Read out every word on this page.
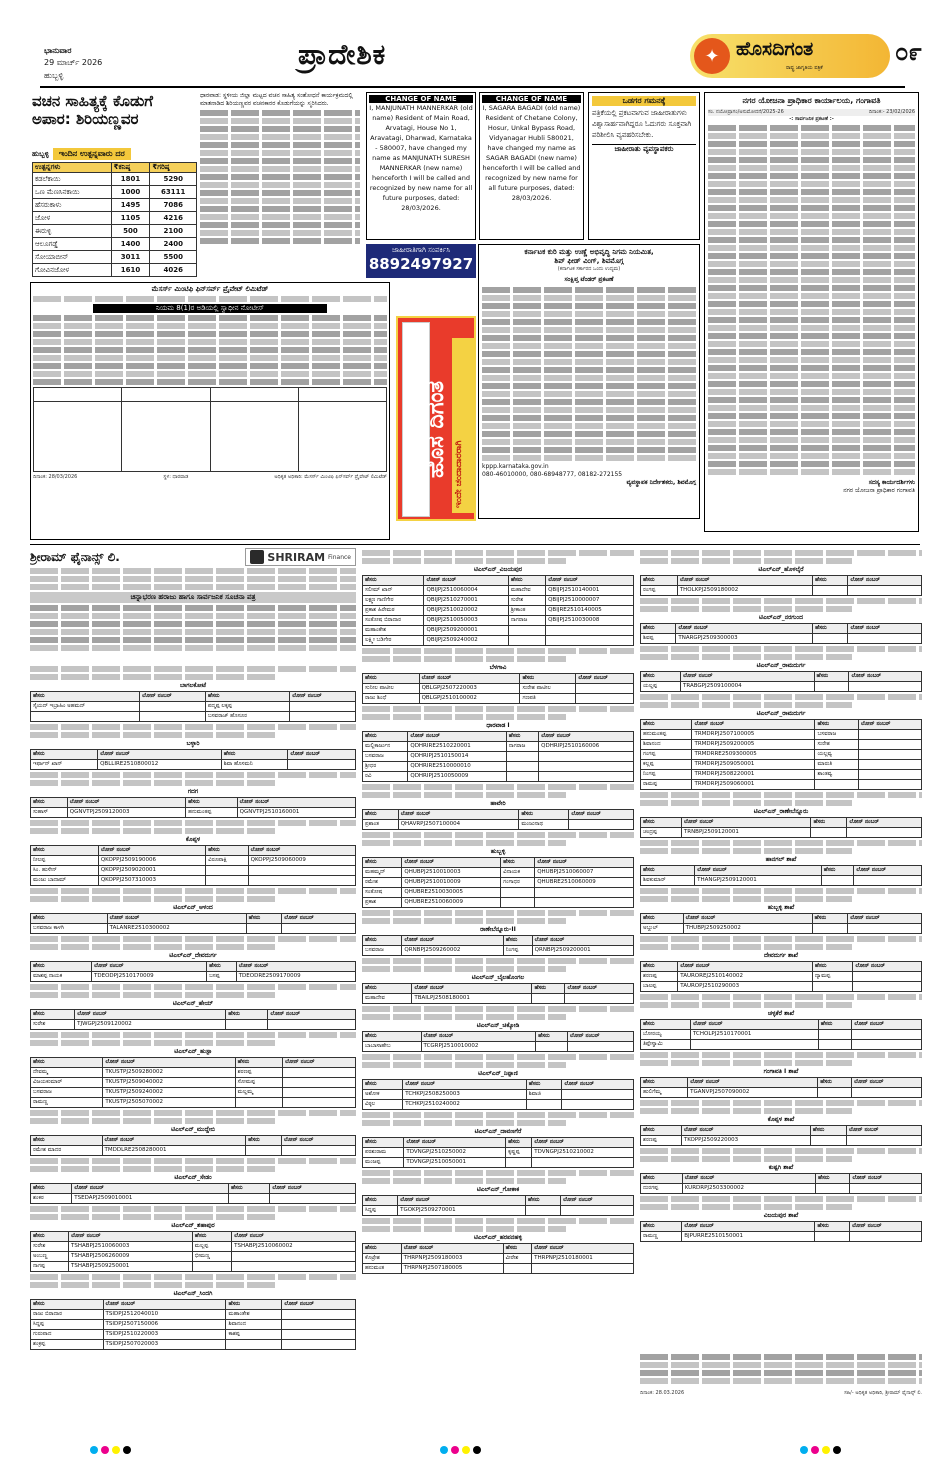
ಭಾನುವಾರ
29 ಮಾರ್ಚ್ 2026
ಹುಬ್ಬಳ್ಳಿ
ಪ್ರಾದೇಶಿಕ	✦ ಹೊಸದಿಗಂತ
ರಾಷ್ಟ್ರ ಜಾಗೃತಿಯ ಪತ್ರಿಕೆ
೦೯
ವಚನ ಸಾಹಿತ್ಯಕ್ಕೆ ಕೊಡುಗೆ
ಅಪಾರ: ಶಿರಿಯಣ್ಣವರ
ಧಾರವಾಡ: ಸ್ಥಳೀಯ ಜಿಲ್ಲಾ ಮಟ್ಟದ ವಚನ ಸಾಹಿತ್ಯ ಸಂಶೋಧನೆ ಕಾರ್ಯಕ್ರಮದಲ್ಲಿ ಮಾತನಾಡಿದ ಶಿರಿಯಣ್ಣವರ ವಚನಕಾರರ ಕೊಡುಗೆಯನ್ನು ಸ್ಮರಿಸಿದರು.
ಹುಬ್ಬಳ್ಳಿ	ಇಂದಿನ ಉತ್ಪನ್ನವಾರು ದರ
ಉತ್ಪನ್ನಗಳು	₹ಕನಿಷ್ಠ	₹ಗರಿಷ್ಠ
ಕಡಲೆಕಾಯಿ	1801	5290
ಒಣ ಮೆಣಸಿನಕಾಯಿ	1000	63111
ಹೆಸರುಕಾಳು	1495	7086
ಜೋಳ	1105	4216
ಈರುಳ್ಳಿ	500	2100
ಆಲೂಗಡ್ಡೆ	1400	2400
ಸೋಯಾಬೀನ್	3011	5500
ಗೋವಿನಜೋಳ	1610	4026
CHANGE OF NAME
I, MANJUNATH MANNERKAR (old name) Resident of Main Road, Arvatagi, House No 1, Aravatagi, Dharwad, Karnataka - 580007, have changed my name as MANJUNATH SURESH MANNERKAR (new name) henceforth I will be called and recognized by new name for all future purposes, dated: 28/03/2026.
CHANGE OF NAME
I, SAGARA BAGADI (old name) Resident of Chetane Colony, Hosur, Unkal Bypass Road, Vidyanagar Hubli 580021, have changed my name as SAGAR BAGADI (new name) henceforth I will be called and recognized by new name for all future purposes, dated: 28/03/2026.
ಜಾಹೀರಾತಿಗಾಗಿ ಸಂಪರ್ಕಿಸಿ
8892497927
ಒಡಗರ ಗಮನಕ್ಕೆ
ಪತ್ರಿಕೆಯಲ್ಲಿ ಪ್ರಕಟವಾಗುವ ಜಾಹೀರಾತುಗಳು ವಿಶ್ವಾಸಾರ್ಹವಾಗಿದ್ದರೂ ಓದುಗರು ಸೂಕ್ತವಾಗಿ ಪರಿಶೀಲಿಸಿ ವ್ಯವಹರಿಸಬೇಕು.
ಜಾಹೀರಾತು ವ್ಯವಸ್ಥಾಪಕರು
ನಗರ ಯೋಜನಾ ಪ್ರಾಧಿಕಾರ ಕಾರ್ಯಾಲಯ, ಗಂಗಾವತಿ
ಸಂ. ನಯೋಪ್ರಾಗಂ/ಅನುಮೋದನೆ/2025-26	ದಿನಾಂಕ:- 23/02/2026
-: ಸಾರ್ವಜನಿಕ ಪ್ರಕಟಣೆ :-
ಸದಸ್ಯ ಕಾರ್ಯದರ್ಶಿಗಳು
ನಗರ ಯೋಜನಾ ಪ್ರಾಧಿಕಾರ ಗಂಗಾವತಿ
ಮೆಸರ್ಸ್ ಮಿಂಟಿಫಿ ಫಿನ್‌ಸರ್ವ್ ಪ್ರೈವೇಟ್ ಲಿಮಿಟೆಡ್
ನಿಯಮ 8(1)ರ ಅಡಿಯಲ್ಲಿ ಸ್ವಾಧೀನ ನೋಟೀಸ್

ದಿನಾಂಕ: 28/03/2026	ಸ್ಥಳ: ಧಾರವಾಡ	ಅಧಿಕೃತ ಅಧಿಕಾರಿ: ಮೆಸರ್ಸ್ ಮಿಂಟಿಫಿ ಫಿನ್‌ಸರ್ವ್ ಪ್ರೈವೇಟ್ ಲಿಮಿಟೆಡ್ ಹೊಸ ದಿಗಂತ ಇಂದೇ ಚಂದಾದಾರರಾಗಿ
ಕರ್ನಾಟಕ ಕುರಿ ಮತ್ತು ಉಣ್ಣೆ ಅಭಿವೃದ್ಧಿ ನಿಗಮ ನಿಯಮಿತ,
ಶಿಪ್ ಫೀಡ್ ವಿಂಗ್, ಶಿವಮೊಗ್ಗ
(ಕರ್ನಾಟಕ ಸರ್ಕಾರದ ಒಂದು ಉದ್ಯಮ)
ಸಂಕ್ಷಿಪ್ತ ಟೆಂಡರ್ ಪ್ರಕಟಣೆ
kppp.karnataka.gov.in
080-46010000, 080-68948777, 08182-272155
ವ್ಯವಸ್ಥಾಪಕ ನಿರ್ದೇಶಕರು, ಶಿವಮೊಗ್ಗ
ಶ್ರೀರಾಮ್ ಫೈನಾನ್ಸ್ ಲಿ.	SHRIRAM Finance
ಚಿನ್ನಾಭರಣ ಹರಾಜು ಹಾಗೂ ಸಾರ್ವಜನಿಕ ಸೂಚನಾ ಪತ್ರ
ಬಾಗಲಕೋಟೆ
ಹೆಸರು	ಲೋನ್ ನಂಬರ್	ಹೆಸರು	ಲೋನ್ ನಂಬರ್
ಸೈಯದ್ ಇಬ್ರಾಹಿಂ ಅಹಮದ್		ಪದ್ಮಪ್ಪ ಲಕ್ಕಪ್ಪ	
		ಬಸವರಾಜ್ ಹೊಸೂರ	
ಬಳ್ಳಾರಿ
ಹೆಸರು	ಲೋನ್ ನಂಬರ್	ಹೆಸರು	ಲೋನ್ ನಂಬರ್
ಇರ್ಫಾನ್ ಖಾನ್	QBLLIRE2510800012	ಶಿವಾ ಹೊಸಮನಿ	
ಗದಗ
ಹೆಸರು	ಲೋನ್ ನಂಬರ್	ಹೆಸರು	ಲೋನ್ ನಂಬರ್
ಸುಹಾಸ್	QGNVTPJ2509120003	ಹನುಮಂತಪ್ಪ	QGNVTPJ2510160001
ಕೊಪ್ಪಳ
ಹೆಸರು	ಲೋನ್ ನಂಬರ್	ಹೆಸರು	ಲೋನ್ ನಂಬರ್
ನೀಲಪ್ಪ	QKOPPJ2509190006	ವಿರೂಪಾಕ್ಷಿ	QKOPPJ2509060009
ಸಿಂ. ಹುಸೇನ್	QKOPPJ2509020001		
ಮಂಜು ಬಾದಾಮ್	QKOPPJ2507310003		
ಟಿಎಲ್ಎನ್_ಆಳಂದ
ಹೆಸರು	ಲೋನ್ ನಂಬರ್	ಹೆಸರು	ಲೋನ್ ನಂಬರ್
ಬಸವರಾಜ ಕಾಳಗಿ	TALANRE2510300002		
ಟಿಎಲ್ಎನ್_ದೇವದುರ್ಗ
ಹೆಸರು	ಲೋನ್ ನಂಬರ್	ಹೆಸರು	ಲೋನ್ ನಂಬರ್
ಮಾಶಪ್ಪ ನಾಯಕ	TDEODPJ2510170009	ಬಸಪ್ಪ	TDEODRE2509170009
ಟಿಎಲ್ಎನ್_ಹೇಯ್
ಹೆಸರು	ಲೋನ್ ನಂಬರ್	ಹೆಸರು	ಲೋನ್ ನಂಬರ್
ಸುರೇಶ	TJWGPJ2509120002		
ಟಿಎಲ್ಎನ್_ಹುಸ್ಟಾ
ಹೆಸರು	ಲೋನ್ ನಂಬರ್	ಹೆಸರು	ಲೋನ್ ನಂಬರ್
ದೇವಮ್ಮ	TKUSTPJ2509280002	ಶರಣಪ್ಪ	
ವಿಜಯಕುಮಾರ್	TKUSTPJ2509040002	ಸೋಮಪ್ಪ	
ಬಸವರಾಜ	TKUSTPJ2509240002	ಮಲ್ಲಮ್ಮ	
ರಾಮಣ್ಣ	TKUSTPJ2505070002		
ಟಿಎಲ್ಎನ್_ಮುದ್ದೇಬಿ
ಹೆಸರು	ಲೋನ್ ನಂಬರ್	ಹೆಸರು	ಲೋನ್ ನಂಬರ್
ರಮೇಶ ಮಾದರ	TMDDLRE2508280001		
ಟಿಎಲ್ಎನ್_ಸೇಡಂ
ಹೆಸರು	ಲೋನ್ ನಂಬರ್	ಹೆಸರು	ಲೋನ್ ನಂಬರ್
ಶಂಕರ	TSEDAPJ2509010001		
ಟಿಎಲ್ಎನ್_ಶಹಾಪುರ
ಹೆಸರು	ಲೋನ್ ನಂಬರ್	ಹೆಸರು	ಲೋನ್ ನಂಬರ್
ಸುರೇಶ	TSHABPJ2510060003	ಮಲ್ಲಪ್ಪ	TSHABPJ2510060002
ಅಂಬಣ್ಣ	TSHABPJ2506260009	ಭೀಮಣ್ಣ	
ನಾಗಪ್ಪ	TSHABPJ2509250001		
ಟಿಎಲ್ಎನ್_ಸಿಂದಗಿ
ಹೆಸರು	ಲೋನ್ ನಂಬರ್	ಹೆಸರು	ಲೋನ್ ನಂಬರ್
ರಾಜು ಬಿರಾದಾರ	TSIDPJ2512040010	ಮಹಾಂತೇಶ	
ಸಿದ್ದಪ್ಪ	TSIDPJ2507150006	ಶಿವಾನಂದ	
ಗುರುಪಾದ	TSIDPJ2510220003	ಕಾಶಪ್ಪ	
ಶಂಕ್ರಪ್ಪ	TSIDPJ2507020003		
ಟಿಎಲ್ಎನ್_ವಿಜಯಪುರ
ಹೆಸರು	ಲೋನ್ ನಂಬರ್	ಹೆಸರು	ಲೋನ್ ನಂಬರ್
ಸಲೀಮ್ ಖಾನ್	QBIJPJ2510060004	ಮಹಾದೇವ	QBIJPJ2510140001
ಲಕ್ಷ್ಮಣ ಗಾಣಿಗೇರ	QBIJPJ2510270001	ಸುರೇಶ	QBIJPJ2510000007
ಪ್ರಕಾಶ ಹಿರೇಮಠ	QBIJPJ2510020002	ಶ್ರೀಕಾಂತ	QBIJRE2510140005
ಸಂತೋಷ ಬಿರಾದಾರ	QBIJPJ2510050003	ನಾಗರಾಜ	QBIJPJ2510030008
ಮಹಾಂತೇಶ	QBIJPJ2509200001		
ಲಕ್ಷ್ಮೀ ಬಡಿಗೇರ	QBIJPJ2509240002		
ಬೆಳಗಾವಿ
ಹೆಸರು	ಲೋನ್ ನಂಬರ್	ಹೆಸರು	ಲೋನ್ ನಂಬರ್
ಸುನೀಲ ಪಾಟೀಲ	QBLGPJ2507220003	ಸುರೇಶ ಪಾಟೀಲ	
ರಾಜು ಶಿಂಧೆ	QBLGPJ2510100002	ಗಣಪತಿ	
ಧಾರವಾಡ I
ಹೆಸರು	ಲೋನ್ ನಂಬರ್	ಹೆಸರು	ಲೋನ್ ನಂಬರ್
ಮಲ್ಲಿಕಾರ್ಜುನ	QDHRIRE2510220001	ನಾಗರಾಜ	QDHRIPJ2510160006
ಬಸವರಾಜ	QDHRIPJ2510150014		
ಶ್ರೀಧರ	QDHRIRE2510000010		
ರವಿ	QDHRIPJ2510050009		
ಹಾವೇರಿ
ಹೆಸರು	ಲೋನ್ ನಂಬರ್	ಹೆಸರು	ಲೋನ್ ನಂಬರ್
ಪ್ರಶಾಂತ	QHAVRPJ2507100004	ಮಂಜುನಾಥ	
ಹುಬ್ಬಳ್ಳಿ
ಹೆಸರು	ಲೋನ್ ನಂಬರ್	ಹೆಸರು	ಲೋನ್ ನಂಬರ್
ಮಹಮ್ಮದ್	QHUBPJ2510010003	ವಿನಾಯಕ	QHUBPJ2510060007
ರಮೇಶ	QHUBPJ2510010009	ಗಂಗಾಧರ	QHUBRE2510060009
ಸಂತೋಷ	QHUBRE2510030005		
ಪ್ರಕಾಶ	QHUBRE2510060009		
ರಾಣೇಬೆನ್ನೂರು-II
ಹೆಸರು	ಲೋನ್ ನಂಬರ್	ಹೆಸರು	ಲೋನ್ ನಂಬರ್
ಬಸವರಾಜ	QRNBPJ2509260002	ನಿಂಗಪ್ಪ	QRNBPJ2509200001
ಟಿಎಲ್ಎನ್_ಬೈಲಹೊಂಗಲ
ಹೆಸರು	ಲೋನ್ ನಂಬರ್	ಹೆಸರು	ಲೋನ್ ನಂಬರ್
ಮಹಾದೇವ	TBAILPJ2508180001		
ಟಿಎಲ್ಎನ್_ಚಿಕ್ಕೋಡಿ
ಹೆಸರು	ಲೋನ್ ನಂಬರ್	ಹೆಸರು	ಲೋನ್ ನಂಬರ್
ಬಾಬಾಸಾಹೇಬ	TCGRPJ2510010002		
ಟಿಎಲ್ಎನ್_ನಿಪ್ಪಾಣಿ
ಹೆಸರು	ಲೋನ್ ನಂಬರ್	ಹೆಸರು	ಲೋನ್ ನಂಬರ್
ಅಶೋಕ	TCHKPJ2508250003	ಶಿವಾಜಿ	
ವಿಠ್ಠಲ	TCHKPJ2510240002		
ಟಿಎಲ್ಎನ್_ದಾವಣಗೆರೆ
ಹೆಸರು	ಲೋನ್ ನಂಬರ್	ಹೆಸರು	ಲೋನ್ ನಂಬರ್
ಪರಶುರಾಮ	TDVNGPJ2510250002	ಕೃಷ್ಣಪ್ಪ	TDVNGPJ2510210002
ಮಂಜಪ್ಪ	TDVNGPJ2510050001		
ಟಿಎಲ್ಎನ್_ಗೋಕಾಕ
ಹೆಸರು	ಲೋನ್ ನಂಬರ್	ಹೆಸರು	ಲೋನ್ ನಂಬರ್
ಸಿದ್ದಪ್ಪ	TGOKPJ2509270001		
ಟಿಎಲ್ಎನ್_ಹರಪನಹಳ್ಳಿ
ಹೆಸರು	ಲೋನ್ ನಂಬರ್	ಹೆಸರು	ಲೋನ್ ನಂಬರ್
ಕೊಟ್ರೇಶ	THRPNPJ2509180003	ವೀರೇಶ	THRPNPJ2510180001
ಹನುಮಂತ	THRPNPJ2507180005		
ಟಿಎಲ್ಎನ್_ಹೊಳಲ್ಕೆರೆ
ಹೆಸರು	ಲೋನ್ ನಂಬರ್	ಹೆಸರು	ಲೋನ್ ನಂಬರ್
ರಂಗಪ್ಪ	THOLKPJ2509180002		
ಟಿಎಲ್ಎನ್_ನರಗುಂದ
ಹೆಸರು	ಲೋನ್ ನಂಬರ್	ಹೆಸರು	ಲೋನ್ ನಂಬರ್
ಶಿವಪ್ಪ	TNARGPJ2509300003		
ಟಿಎಲ್ಎನ್_ರಾಮದುರ್ಗ
ಹೆಸರು	ಲೋನ್ ನಂಬರ್	ಹೆಸರು	ಲೋನ್ ನಂಬರ್
ಯಲ್ಲಪ್ಪ	TRABGPJ2509100004		
ಟಿಎಲ್ಎನ್_ರಾಮದುರ್ಗ
ಹೆಸರು	ಲೋನ್ ನಂಬರ್	ಹೆಸರು	ಲೋನ್ ನಂಬರ್
ಹನುಮಂತಪ್ಪ	TRMDRPJ2507100005	ಬಸವರಾಜ	
ಶಿವಾನಂದ	TRMDRPJ2509200005	ಸುರೇಶ	
ಗಂಗಪ್ಪ	TRMDRRE2509300005	ಯಲ್ಲವ್ವ	
ಕಲ್ಲಪ್ಪ	TRMDRPJ2509050001	ಮಾರುತಿ	
ನಿಂಗಪ್ಪ	TRMDRPJ2508220001	ಶಾಂತವ್ವ	
ರಾಮಪ್ಪ	TRMDRPJ2509060001		
ಟಿಎಲ್ಎನ್_ರಾಣೇಬೆನ್ನೂರು
ಹೆಸರು	ಲೋನ್ ನಂಬರ್	ಹೆಸರು	ಲೋನ್ ನಂಬರ್
ಚಂದ್ರಪ್ಪ	TRNBPJ2509120001		
ಹಾನಗಲ್ ಶಾಖೆ
ಹೆಸರು	ಲೋನ್ ನಂಬರ್	ಹೆಸರು	ಲೋನ್ ನಂಬರ್
ಶಿವಕುಮಾರ್	THANGPJ2509120001		
ಹುಬ್ಬಳ್ಳಿ ಶಾಖೆ
ಹೆಸರು	ಲೋನ್ ನಂಬರ್	ಹೆಸರು	ಲೋನ್ ನಂಬರ್
ಅಬ್ದುಲ್	THUBPJ2509250002		
ದೇವದುರ್ಗ ಶಾಖೆ
ಹೆಸರು	ಲೋನ್ ನಂಬರ್	ಹೆಸರು	ಲೋನ್ ನಂಬರ್
ಶರಣಪ್ಪ	TAUROREJ2510140002	ದ್ಯಾಮಪ್ಪ	
ಬಾಲಪ್ಪ	TAUROPJ2510290003		
ಚಳ್ಳಕೆರೆ ಶಾಖೆ
ಹೆಸರು	ಲೋನ್ ನಂಬರ್	ಹೆಸರು	ಲೋನ್ ನಂಬರ್
ಬೋರಯ್ಯ	TCHOLPJ2510170001		
ತಿಪ್ಪೇಸ್ವಾಮಿ			
ಗಂಗಾವತಿ I ಶಾಖೆ
ಹೆಸರು	ಲೋನ್ ನಂಬರ್	ಹೆಸರು	ಲೋನ್ ನಂಬರ್
ಹುಲಿಗೆಮ್ಮ	TGANVPJ2507090002		
ಕೊಪ್ಪಳ ಶಾಖೆ
ಹೆಸರು	ಲೋನ್ ನಂಬರ್	ಹೆಸರು	ಲೋನ್ ನಂಬರ್
ಶರಣಪ್ಪ	TKOPPJ2509220003		
ಕುಷ್ಟಗಿ ಶಾಖೆ
ಹೆಸರು	ಲೋನ್ ನಂಬರ್	ಹೆಸರು	ಲೋನ್ ನಂಬರ್
ದುರಗಪ್ಪ	KURDRPJ2503300002		
ವಿಜಯಪುರ ಶಾಖೆ
ಹೆಸರು	ಲೋನ್ ನಂಬರ್	ಹೆಸರು	ಲೋನ್ ನಂಬರ್
ರಾಮಣ್ಣ	BJPURRE2510150001		
ದಿನಾಂಕ: 28.03.2026	ಸಹಿ/- ಅಧಿಕೃತ ಅಧಿಕಾರಿ, ಶ್ರೀರಾಮ್ ಫೈನಾನ್ಸ್ ಲಿ.
